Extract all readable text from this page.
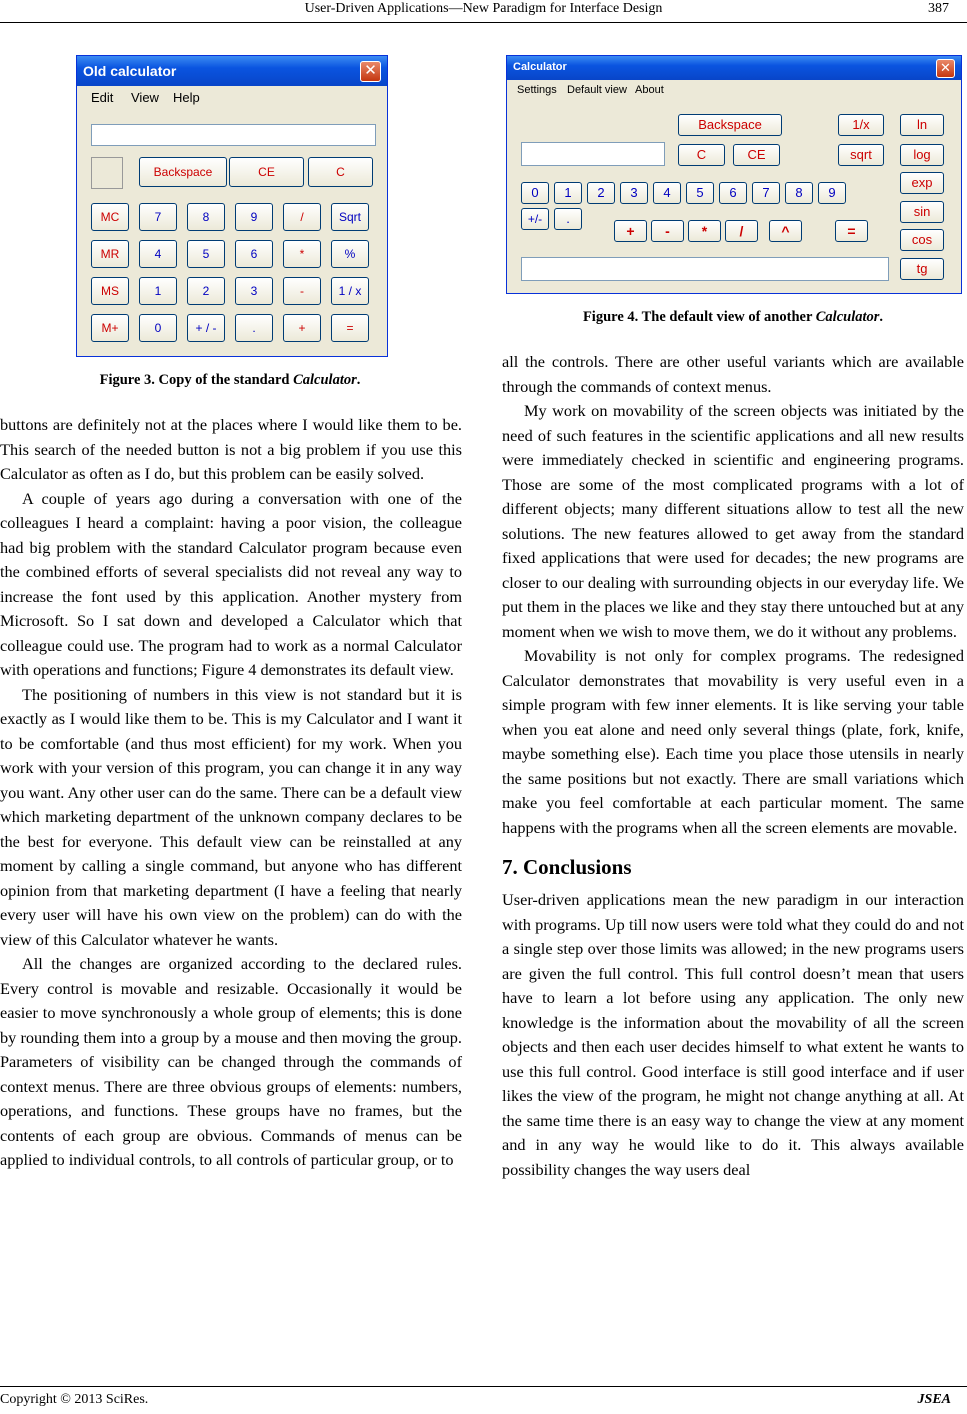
User-Driven Applications—New Paradigm for Interface Design	387
Old calculator	✕
Edit View Help
Backspace	CE	C
MC	7	8	9	/	Sqrt
MR	4	5	6	*	%
MS	1	2	3	-	1 / x
M+	0	+ / -	.	+	=
Figure 3. Copy of the standard Calculator.
Calculator	✕
Settings Default view About
Backspace
C	CE
0	1	2	3	4	5	6	7	8	9
+/-	.
+	-	*	/	^	=
1/x
sqrt
ln
log
exp
sin
cos
tg
Figure 4. The default view of another Calculator.

buttons are definitely not at the places where I would like them to be. This search of the needed button is not a big problem if you use this Calculator as often as I do, but this problem can be easily solved.

A couple of years ago during a conversation with one of the colleagues I heard a complaint: having a poor vision, the colleague had big problem with the standard Calculator program because even the combined efforts of several specialists did not reveal any way to increase the font used by this application. Another mystery from Microsoft. So I sat down and developed a Calculator which that colleague could use. The program had to work as a normal Calculator with operations and functions; Figure 4 demonstrates its default view.

The positioning of numbers in this view is not standard but it is exactly as I would like them to be. This is my Calculator and I want it to be comfortable (and thus most efficient) for my work. When you work with your version of this program, you can change it in any way you want. Any other user can do the same. There can be a default view which marketing department of the unknown company declares to be the best for everyone. This default view can be reinstalled at any moment by calling a single command, but anyone who has different opinion from that marketing department (I have a feeling that nearly every user will have his own view on the problem) can do with the view of this Calculator whatever he wants.

All the changes are organized according to the declared rules. Every control is movable and resizable. Occasionally it would be easier to move synchronously a whole group of elements; this is done by rounding them into a group by a mouse and then moving the group. Parameters of visibility can be changed through the commands of context menus. There are three obvious groups of elements: numbers, operations, and functions. These groups have no frames, but the contents of each group are obvious. Commands of menus can be applied to individual controls, to all controls of particular group, or to

all the controls. There are other useful variants which are available through the commands of context menus.

My work on movability of the screen objects was initiated by the need of such features in the scientific applications and all new results were immediately checked in scientific and engineering programs. Those are some of the most complicated programs with a lot of different objects; many different situations allow to test all the new solutions. The new features allowed to get away from the standard fixed applications that were used for decades; the new programs are closer to our dealing with surrounding objects in our everyday life. We put them in the places we like and they stay there untouched but at any moment when we wish to move them, we do it without any problems.

Movability is not only for complex programs. The redesigned Calculator demonstrates that movability is very useful even in a simple program with few inner elements. It is like serving your table when you eat alone and need only several things (plate, fork, knife, maybe something else). Each time you place those utensils in nearly the same positions but not exactly. There are small variations which make you feel comfortable at each particular moment. The same happens with the programs when all the screen elements are movable.

7. Conclusions

User-driven applications mean the new paradigm in our interaction with programs. Up till now users were told what they could do and not a single step over those limits was allowed; in the new programs users are given the full control. This full control doesn’t mean that users have to learn a lot before using any application. The only new knowledge is the information about the movability of all the screen objects and then each user decides himself to what extent he wants to use this full control. Good interface is still good interface and if user likes the view of the program, he might not change anything at all. At the same time there is an easy way to change the view at any moment and in any way he would like to do it. This always available possibility changes the way users deal

Copyright © 2013 SciRes.	JSEA
